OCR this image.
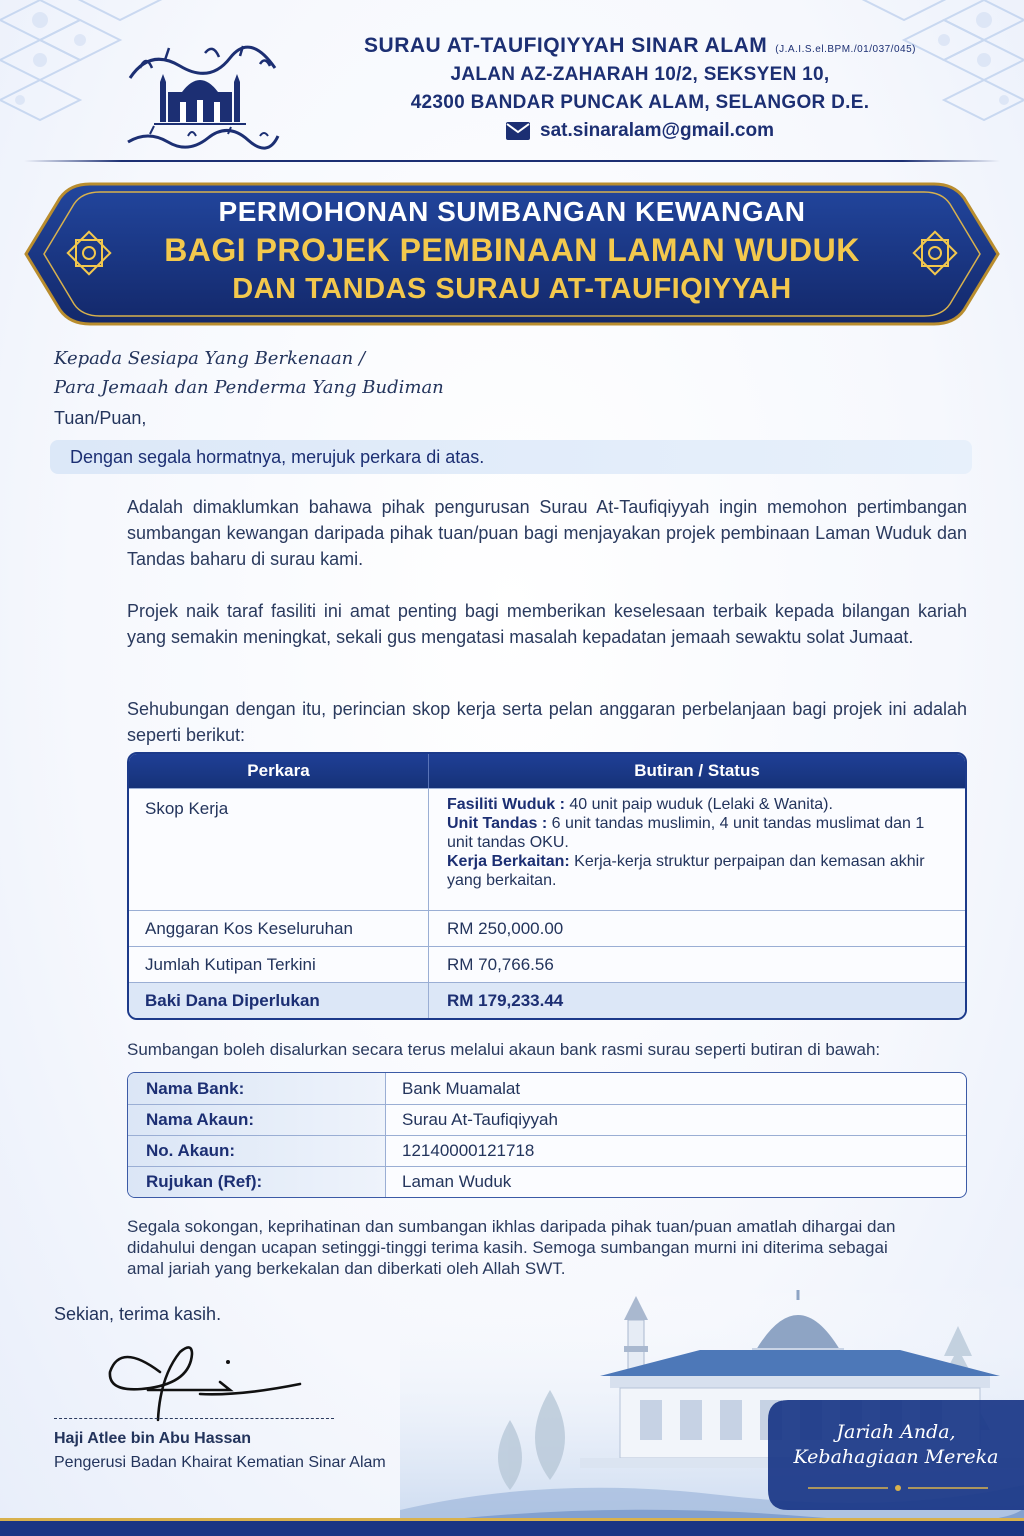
SURAU AT-TAUFIQIYYAH SINAR ALAM (J.A.I.S.el.BPM./01/037/045)
JALAN AZ-ZAHARAH 10/2, SEKSYEN 10,
42300 BANDAR PUNCAK ALAM, SELANGOR D.E.
sat.sinaralam@gmail.com
PERMOHONAN SUMBANGAN KEWANGAN
BAGI PROJEK PEMBINAAN LAMAN WUDUK
DAN TANDAS SURAU AT-TAUFIQIYYAH
Kepada Sesiapa Yang Berkenaan /
Para Jemaah dan Penderma Yang Budiman
Tuan/Puan,
Dengan segala hormatnya, merujuk perkara di atas.
Adalah dimaklumkan bahawa pihak pengurusan Surau At-Taufiqiyyah ingin memohon pertimbangan sumbangan kewangan daripada pihak tuan/puan bagi menjayakan projek pembinaan Laman Wuduk dan Tandas baharu di surau kami.
Projek naik taraf fasiliti ini amat penting bagi memberikan keselesaan terbaik kepada bilangan kariah yang semakin meningkat, sekali gus mengatasi masalah kepadatan jemaah sewaktu solat Jumaat.
Sehubungan dengan itu, perincian skop kerja serta pelan anggaran perbelanjaan bagi projek ini adalah seperti berikut:
Perkara	Butiran / Status
Skop Kerja	Fasiliti Wuduk : 40 unit paip wuduk (Lelaki & Wanita).
Unit Tandas : 6 unit tandas muslimin, 4 unit tandas muslimat dan 1 unit tandas OKU.
Kerja Berkaitan: Kerja-kerja struktur perpaipan dan kemasan akhir yang berkaitan.
Anggaran Kos Keseluruhan	RM 250,000.00
Jumlah Kutipan Terkini	RM 70,766.56
Baki Dana Diperlukan	RM 179,233.44
Sumbangan boleh disalurkan secara terus melalui akaun bank rasmi surau seperti butiran di bawah:
Nama Bank:	Bank Muamalat
Nama Akaun:	Surau At-Taufiqiyyah
No. Akaun:	12140000121718
Rujukan (Ref):	Laman Wuduk
Segala sokongan, keprihatinan dan sumbangan ikhlas daripada pihak tuan/puan amatlah dihargai dan didahului dengan ucapan setinggi-tinggi terima kasih. Semoga sumbangan murni ini diterima sebagai amal jariah yang berkekalan dan diberkati oleh Allah SWT.
Sekian, terima kasih.
Haji Atlee bin Abu Hassan
Pengerusi Badan Khairat Kematian Sinar Alam
Jariah Anda,
Kebahagiaan Mereka
